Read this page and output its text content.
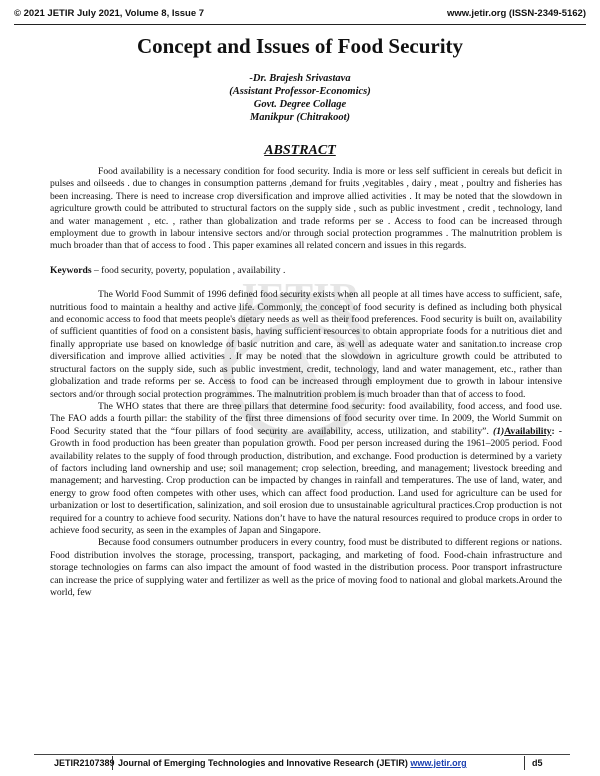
© 2021 JETIR July 2021, Volume 8, Issue 7	www.jetir.org (ISSN-2349-5162)
Concept and Issues of Food Security
-Dr. Brajesh Srivastava
(Assistant Professor-Economics)
Govt. Degree Collage
Manikpur (Chitrakoot)
ABSTRACT
JETIR

Food availability is a necessary condition for food security. India is more or less self sufficient in cereals but deficit in pulses and oilseeds . due to changes in consumption patterns ,demand for fruits ,vegitables , dairy , meat , poultry and fisheries has been increasing. There is need to increase crop diversification and improve allied activities . It may be noted that the slowdown in agriculture growth could be attributed to structural factors on the supply side , such as public investment , credit , technology, land and water management , etc. , rather than globalization and trade reforms per se . Access to food can be increased through employment due to growth in labour intensive sectors and/or through social protection programmes . The malnutrition problem is much broader than that of access to food . This paper examines all related concern and issues in this regards.

Keywords – food security, poverty, population , availability .

The World Food Summit of 1996 defined food security exists when all people at all times have access to sufficient, safe, nutritious food to maintain a healthy and active life. Commonly, the concept of food security is defined as including both physical and economic access to food that meets people's dietary needs as well as their food preferences. Food security is built on, availability of sufficient quantities of food on a consistent basis, having sufficient resources to obtain appropriate foods for a nutritious diet and finally appropriate use based on knowledge of basic nutrition and care, as well as adequate water and sanitation.to increase crop diversification and improve allied activities . It may be noted that the slowdown in agriculture growth could be attributed to structural factors on the supply side, such as public investment, credit, technology, land and water management, etc., rather than globalization and trade reforms per se. Access to food can be increased through employment due to growth in labour intensive sectors and/or through social protection programmes. The malnutrition problem is much broader than that of access to food.

The WHO states that there are three pillars that determine food security: food availability, food access, and food use. The FAO adds a fourth pillar: the stability of the first three dimensions of food security over time. In 2009, the World Summit on Food Security stated that the “four pillars of food security are availability, access, utilization, and stability”. (1)Availability: - Growth in food production has been greater than population growth. Food per person increased during the 1961–2005 period. Food availability relates to the supply of food through production, distribution, and exchange. Food production is determined by a variety of factors including land ownership and use; soil management; crop selection, breeding, and management; livestock breeding and management; and harvesting. Crop production can be impacted by changes in rainfall and temperatures. The use of land, water, and energy to grow food often competes with other uses, which can affect food production. Land used for agriculture can be used for urbanization or lost to desertification, salinization, and soil erosion due to unsustainable agricultural practices.Crop production is not required for a country to achieve food security. Nations don’t have to have the natural resources required to produce crops in order to achieve food security, as seen in the examples of Japan and Singapore.

Because food consumers outnumber producers in every country, food must be distributed to different regions or nations. Food distribution involves the storage, processing, transport, packaging, and marketing of food. Food-chain infrastructure and storage technologies on farms can also impact the amount of food wasted in the distribution process. Poor transport infrastructure can increase the price of supplying water and fertilizer as well as the price of moving food to national and global markets.Around the world, few

JETIR2107389 Journal of Emerging Technologies and Innovative Research (JETIR) www.jetir.org	d5
